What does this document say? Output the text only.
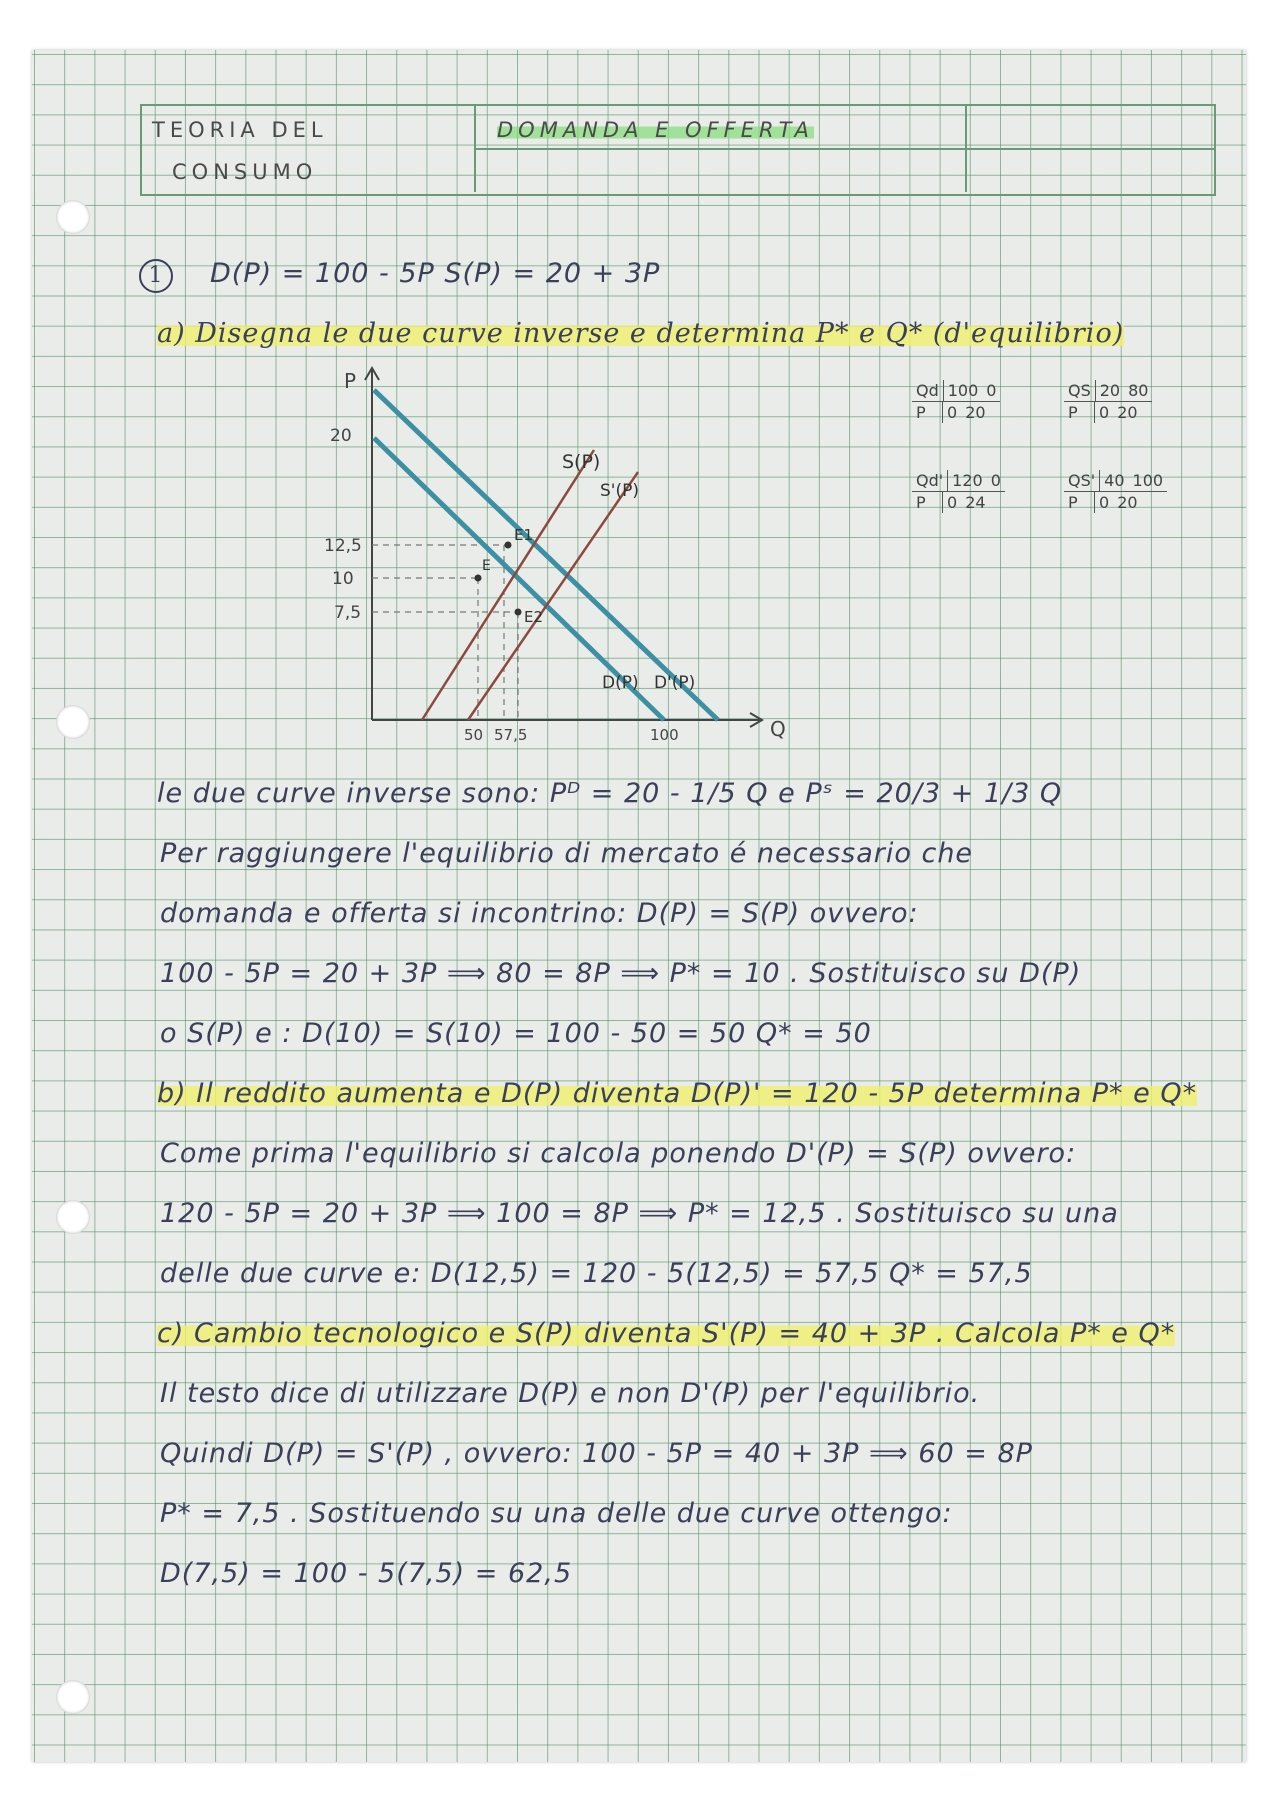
TEORIA DEL
CONSUMO
DOMANDA E OFFERTA
1	D(P) = 100 - 5P S(P) = 20 + 3P
a) Disegna le due curve inverse e determina P* e Q* (d'equilibrio)
P
Q
20
12,5
10
7,5
50 57,5	100
S(P)
S'(P)
D(P) D'(P)
E
E1
E2
Qd 100 0
P	0 20
QS 20 80
P	0 20
Qd' 120 0
P	0 24
QS' 40 100
P	0 20
le due curve inverse sono: Pᴰ = 20 - 1/5 Q e Pˢ = 20/3 + 1/3 Q
Per raggiungere l'equilibrio di mercato é necessario che
domanda e offerta si incontrino: D(P) = S(P) ovvero:
100 - 5P = 20 + 3P ⟹ 80 = 8P ⟹ P* = 10 . Sostituisco su D(P)
o S(P) e : D(10) = S(10) = 100 - 50 = 50 Q* = 50
b) Il reddito aumenta e D(P) diventa D(P)' = 120 - 5P determina P* e Q*
Come prima l'equilibrio si calcola ponendo D'(P) = S(P) ovvero:
120 - 5P = 20 + 3P ⟹ 100 = 8P ⟹ P* = 12,5 . Sostituisco su una
delle due curve e: D(12,5) = 120 - 5(12,5) = 57,5 Q* = 57,5
c) Cambio tecnologico e S(P) diventa S'(P) = 40 + 3P . Calcola P* e Q*
Il testo dice di utilizzare D(P) e non D'(P) per l'equilibrio.
Quindi D(P) = S'(P) , ovvero: 100 - 5P = 40 + 3P ⟹ 60 = 8P
P* = 7,5 . Sostituendo su una delle due curve ottengo:
D(7,5) = 100 - 5(7,5) = 62,5
